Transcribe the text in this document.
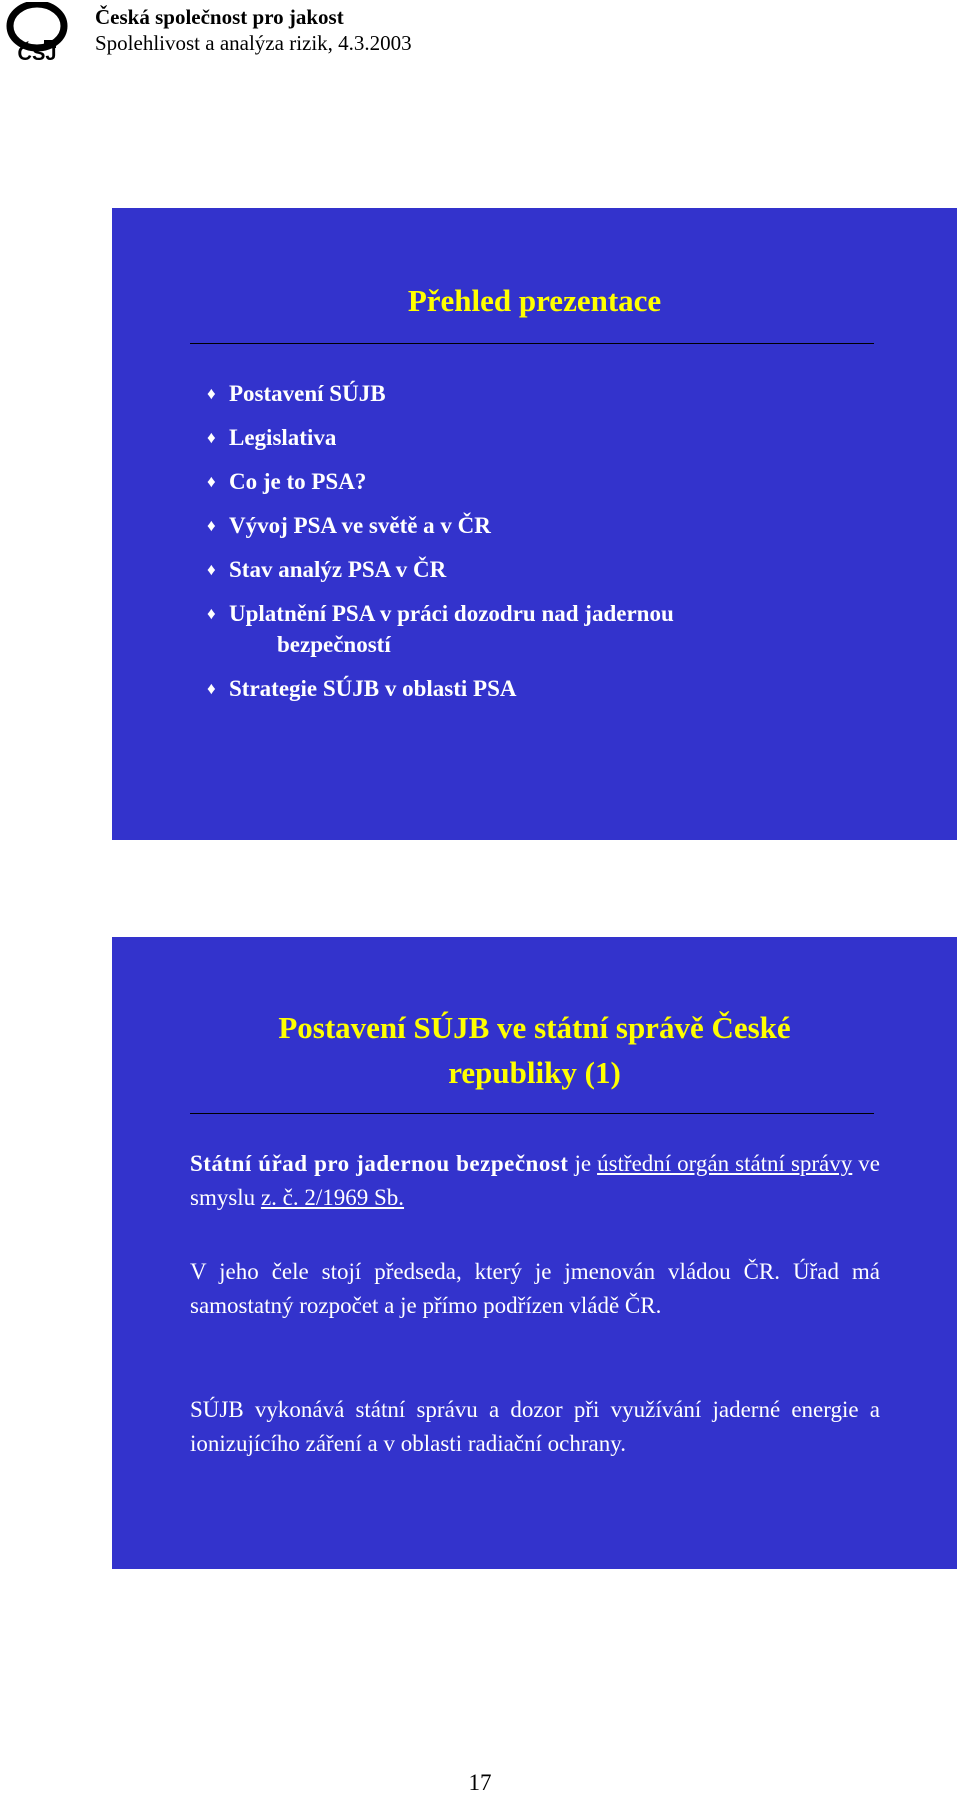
ČSJ
Česká společnost pro jakost
Spolehlivost a analýza rizik, 4.3.2003
Přehled prezentace
♦ Postavení SÚJB
♦ Legislativa
♦ Co je to PSA?
♦ Vývoj PSA ve světě a v ČR
♦ Stav analýz PSA v ČR
♦ Uplatnění PSA v práci dozodru nad jadernou
bezpečností
♦ Strategie SÚJB v oblasti PSA
Postavení SÚJB ve státní správě České
republiky (1)
Státní úřad pro jadernou bezpečnost je ústřední orgán státní správy ve smyslu z. č. 2/1969 Sb.
V jeho čele stojí předseda, který je jmenován vládou ČR. Úřad má samostatný rozpočet a je přímo podřízen vládě ČR.
SÚJB vykonává státní správu a dozor při využívání jaderné energie a ionizujícího záření a v oblasti radiační ochrany.
17
